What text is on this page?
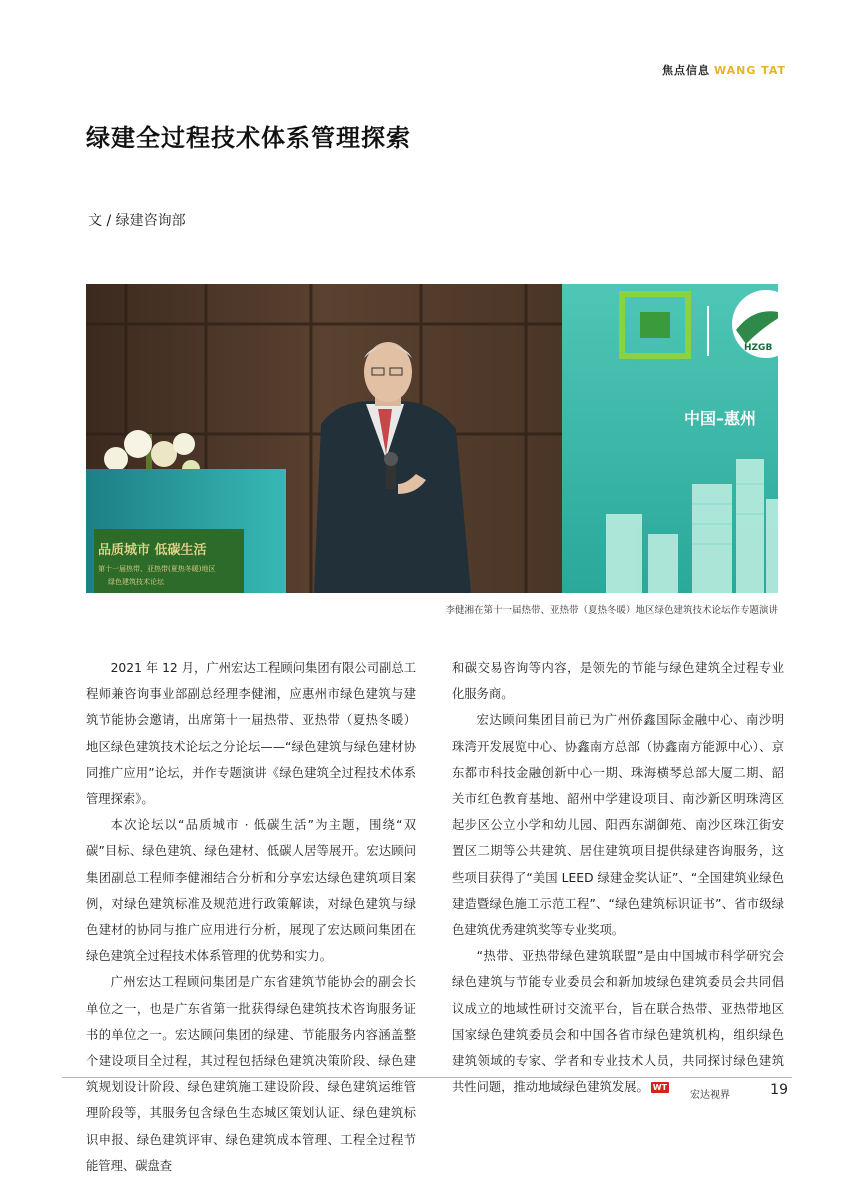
焦点信息 WANG TAT
绿建全过程技术体系管理探索
文 / 绿建咨询部
HZGB
中国–惠州
品质城市 低碳生活
第十一届热带、亚热带(夏热冬暖)地区
绿色建筑技术论坛
李健湘在第十一届热带、亚热带（夏热冬暖）地区绿色建筑技术论坛作专题演讲

2021 年 12 月，广州宏达工程顾问集团有限公司副总工程师兼咨询事业部副总经理李健湘，应惠州市绿色建筑与建筑节能协会邀请，出席第十一届热带、亚热带（夏热冬暖）地区绿色建筑技术论坛之分论坛——“绿色建筑与绿色建材协同推广应用”论坛，并作专题演讲《绿色建筑全过程技术体系管理探索》。

本次论坛以“品质城市 · 低碳生活”为主题，围绕“双碳”目标、绿色建筑、绿色建材、低碳人居等展开。宏达顾问集团副总工程师李健湘结合分析和分享宏达绿色建筑项目案例，对绿色建筑标准及规范进行政策解读，对绿色建筑与绿色建材的协同与推广应用进行分析，展现了宏达顾问集团在绿色建筑全过程技术体系管理的优势和实力。

广州宏达工程顾问集团是广东省建筑节能协会的副会长单位之一，也是广东省第一批获得绿色建筑技术咨询服务证书的单位之一。宏达顾问集团的绿建、节能服务内容涵盖整个建设项目全过程，其过程包括绿色建筑决策阶段、绿色建筑规划设计阶段、绿色建筑施工建设阶段、绿色建筑运维管理阶段等，其服务包含绿色生态城区策划认证、绿色建筑标识申报、绿色建筑评审、绿色建筑成本管理、工程全过程节能管理、碳盘查

和碳交易咨询等内容，是领先的节能与绿色建筑全过程专业化服务商。

宏达顾问集团目前已为广州侨鑫国际金融中心、南沙明珠湾开发展览中心、协鑫南方总部（协鑫南方能源中心）、京东都市科技金融创新中心一期、珠海横琴总部大厦二期、韶关市红色教育基地、韶州中学建设项目、南沙新区明珠湾区起步区公立小学和幼儿园、阳西东湖御苑、南沙区珠江街安置区二期等公共建筑、居住建筑项目提供绿建咨询服务，这些项目获得了“美国 LEED 绿建金奖认证”、“全国建筑业绿色建造暨绿色施工示范工程”、“绿色建筑标识证书”、省市级绿色建筑优秀建筑奖等专业奖项。

“热带、亚热带绿色建筑联盟”是由中国城市科学研究会绿色建筑与节能专业委员会和新加坡绿色建筑委员会共同倡议成立的地域性研讨交流平台，旨在联合热带、亚热带地区国家绿色建筑委员会和中国各省市绿色建筑机构，组织绿色建筑领域的专家、学者和专业技术人员，共同探讨绿色建筑共性问题，推动地域绿色建筑发展。 WT

宏达视界	19
